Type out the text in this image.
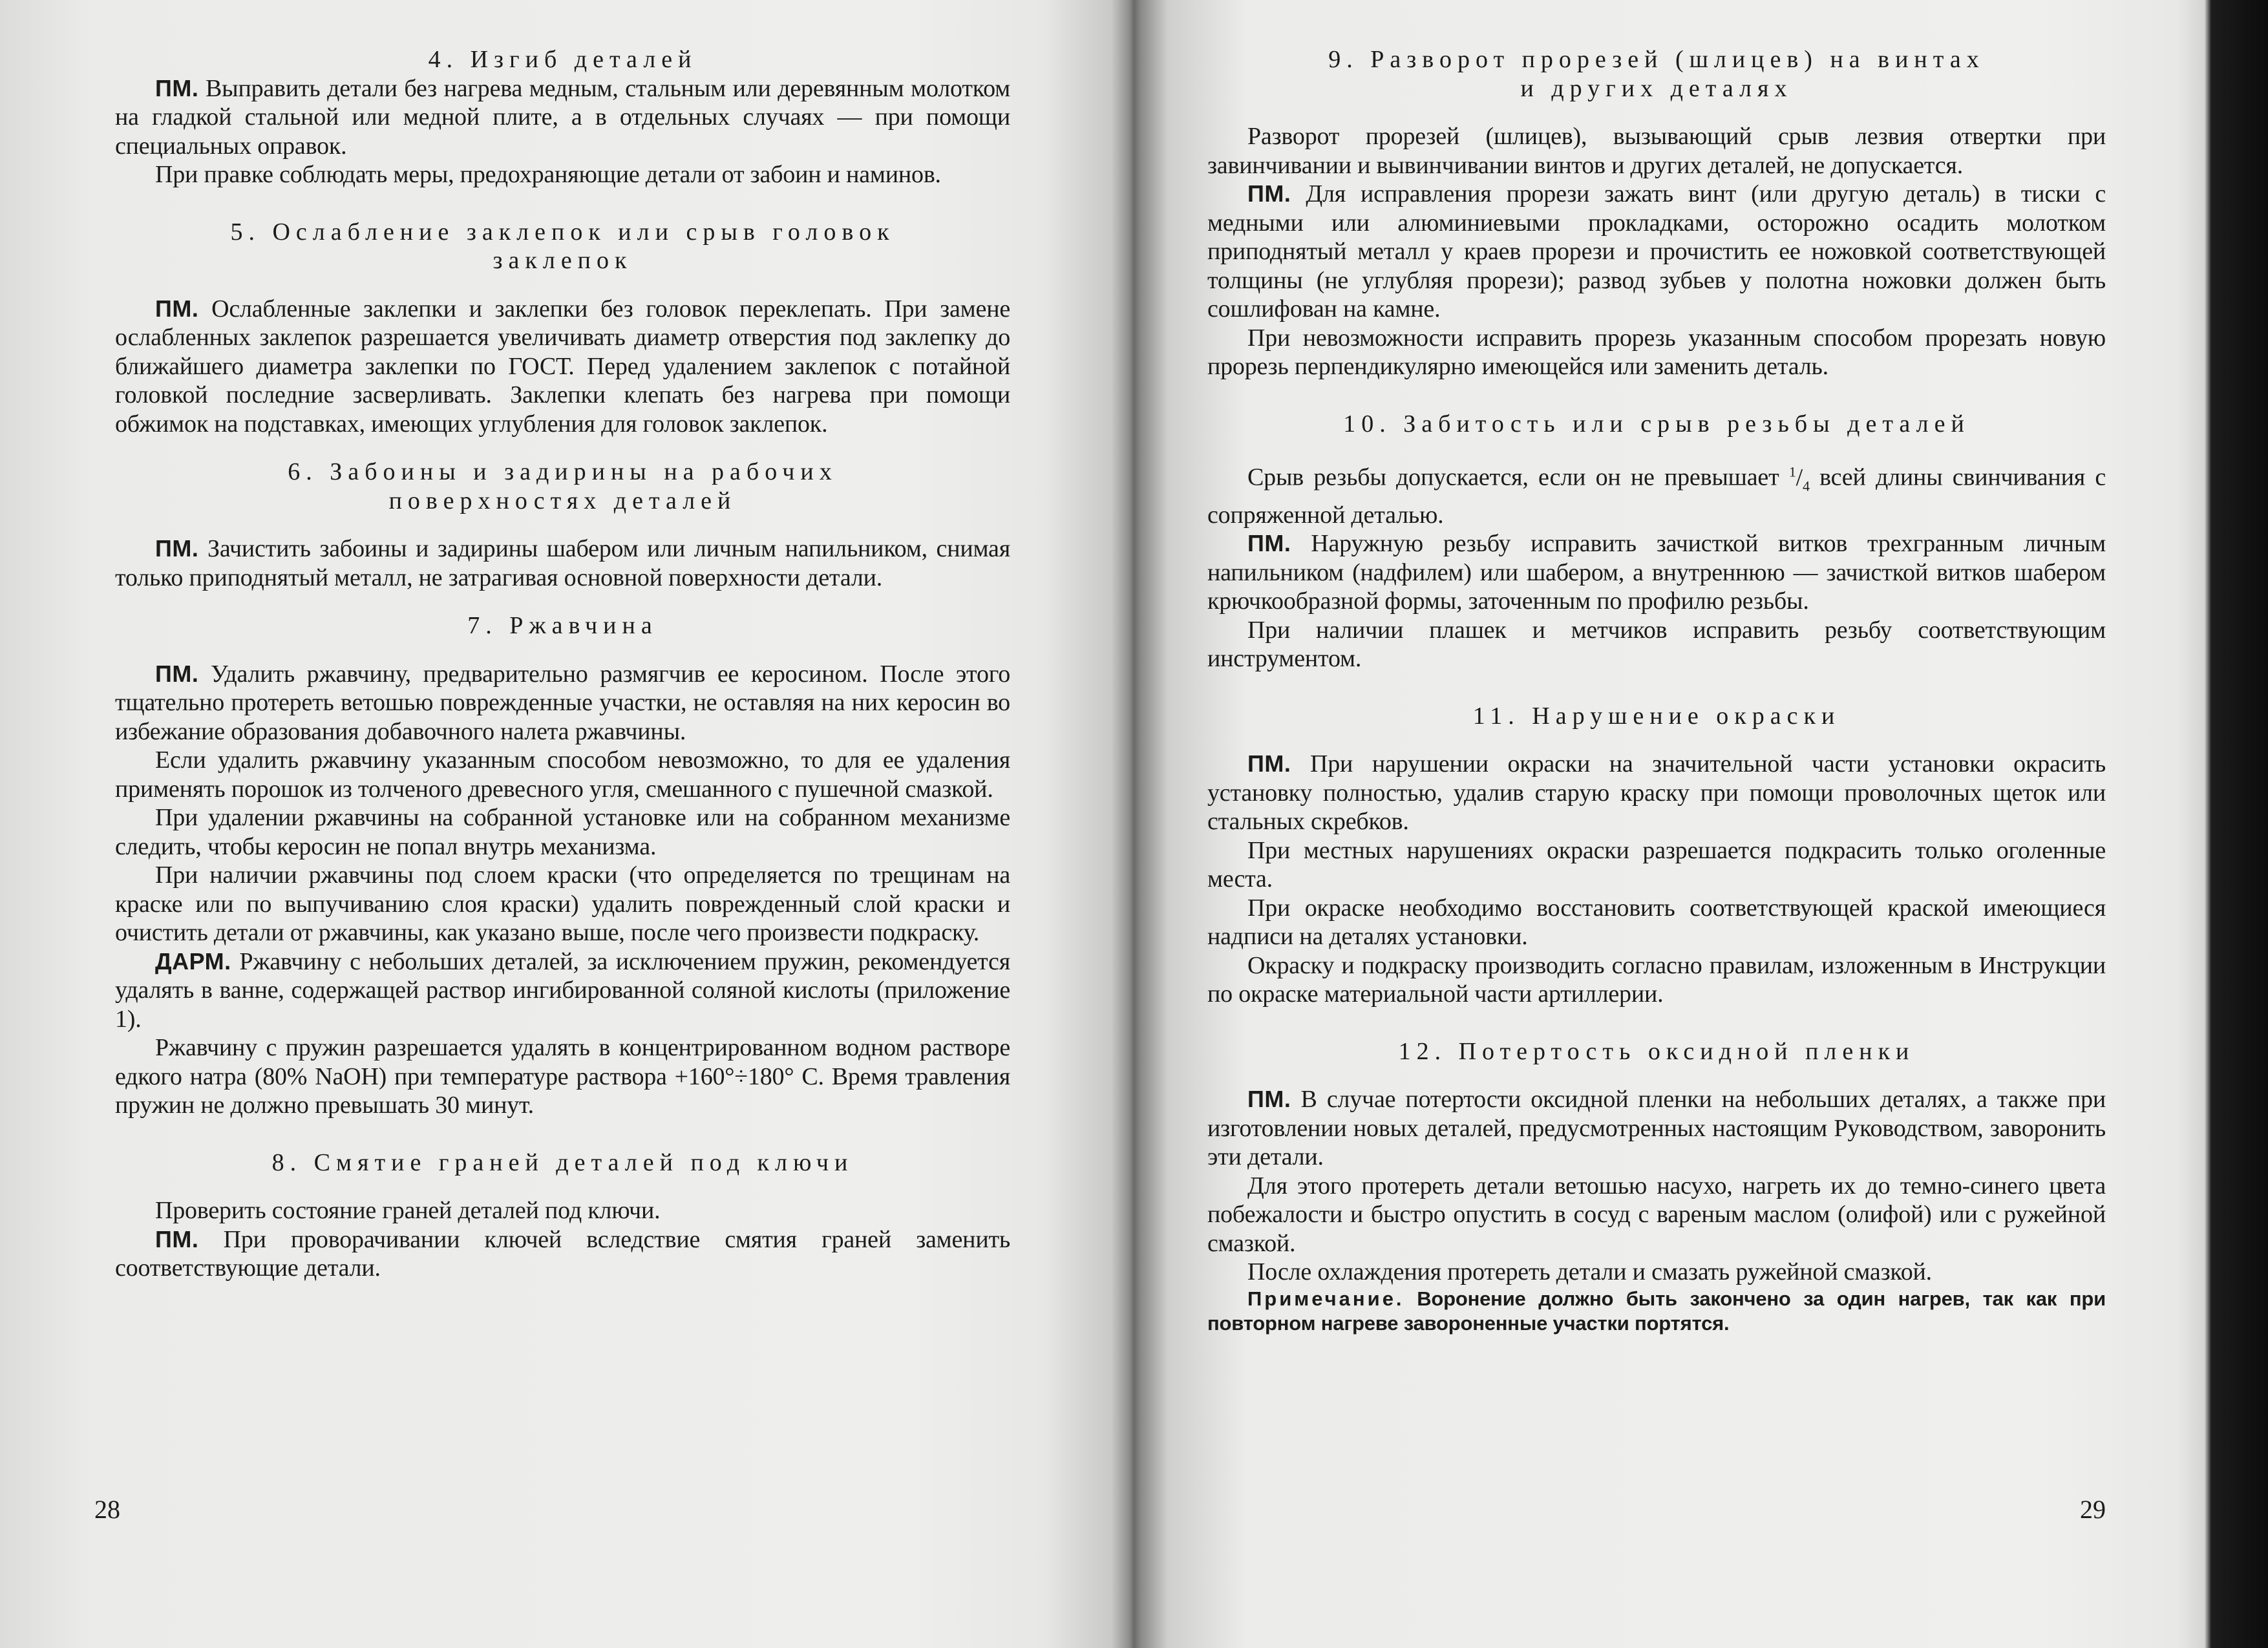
4. Изгиб деталей

ПМ. Выправить детали без нагрева медным, стальным или деревянным молотком на гладкой стальной или медной плите, а в отдельных случаях — при помощи специальных оправок.

При правке соблюдать меры, предохраняющие детали от забоин и наминов.

5. Ослабление заклепок или срыв головок
заклепок

ПМ. Ослабленные заклепки и заклепки без головок переклепать. При замене ослабленных заклепок разрешается увеличивать диаметр отверстия под заклепку до ближайшего диаметра заклепки по ГОСТ. Перед удалением заклепок с потайной головкой последние засверливать. Заклепки клепать без нагрева при помощи обжимок на подставках, имеющих углубления для головок заклепок.

6. Забоины и задирины на рабочих
поверхностях деталей

ПМ. Зачистить забоины и задирины шабером или личным напильником, снимая только приподнятый металл, не затрагивая основной поверхности детали.

7. Ржавчина

ПМ. Удалить ржавчину, предварительно размягчив ее керосином. После этого тщательно протереть ветошью поврежденные участки, не оставляя на них керосин во избежание образования добавочного налета ржавчины.

Если удалить ржавчину указанным способом невозможно, то для ее удаления применять порошок из толченого древесного угля, смешанного с пушечной смазкой.

При удалении ржавчины на собранной установке или на собранном механизме следить, чтобы керосин не попал внутрь механизма.

При наличии ржавчины под слоем краски (что определяется по трещинам на краске или по выпучиванию слоя краски) удалить поврежденный слой краски и очистить детали от ржавчины, как указано выше, после чего произвести подкраску.

ДАРМ. Ржавчину с небольших деталей, за исключением пружин, рекомендуется удалять в ванне, содержащей раствор ингибированной соляной кислоты (приложение 1).

Ржавчину с пружин разрешается удалять в концентрированном водном растворе едкого натра (80% NaOH) при температуре раствора +160°÷180° С. Время травления пружин не должно превышать 30 минут.

8. Смятие граней деталей под ключи

Проверить состояние граней деталей под ключи.

ПМ. При проворачивании ключей вследствие смятия граней заменить соответствующие детали.

28
9. Разворот прорезей (шлицев) на винтах
и других деталях

Разворот прорезей (шлицев), вызывающий срыв лезвия отвертки при завинчивании и вывинчивании винтов и других деталей, не допускается.

ПМ. Для исправления прорези зажать винт (или другую деталь) в тиски с медными или алюминиевыми прокладками, осторожно осадить молотком приподнятый металл у краев прорези и прочистить ее ножовкой соответствующей толщины (не углубляя прорези); развод зубьев у полотна ножовки должен быть сошлифован на камне.

При невозможности исправить прорезь указанным способом прорезать новую прорезь перпендикулярно имеющейся или заменить деталь.

10. Забитость или срыв резьбы деталей

Срыв резьбы допускается, если он не превышает $^1/_4$ всей длины свинчивания с сопряженной деталью.

ПМ. Наружную резьбу исправить зачисткой витков трехгранным личным напильником (надфилем) или шабером, а внутреннюю — зачисткой витков шабером крючкообразной формы, заточенным по профилю резьбы.

При наличии плашек и метчиков исправить резьбу соответствующим инструментом.

11. Нарушение окраски

ПМ. При нарушении окраски на значительной части установки окрасить установку полностью, удалив старую краску при помощи проволочных щеток или стальных скребков.

При местных нарушениях окраски разрешается подкрасить только оголенные места.

При окраске необходимо восстановить соответствующей краской имеющиеся надписи на деталях установки.

Окраску и подкраску производить согласно правилам, изложенным в Инструкции по окраске материальной части артиллерии.

12. Потертость оксидной пленки

ПМ. В случае потертости оксидной пленки на небольших деталях, а также при изготовлении новых деталей, предусмотренных настоящим Руководством, заворонить эти детали.

Для этого протереть детали ветошью насухо, нагреть их до темно-синего цвета побежалости и быстро опустить в сосуд с вареным маслом (олифой) или с ружейной смазкой.

После охлаждения протереть детали и смазать ружейной смазкой.

Примечание. Воронение должно быть закончено за один нагрев, так как при повторном нагреве завороненные участки портятся.

29
